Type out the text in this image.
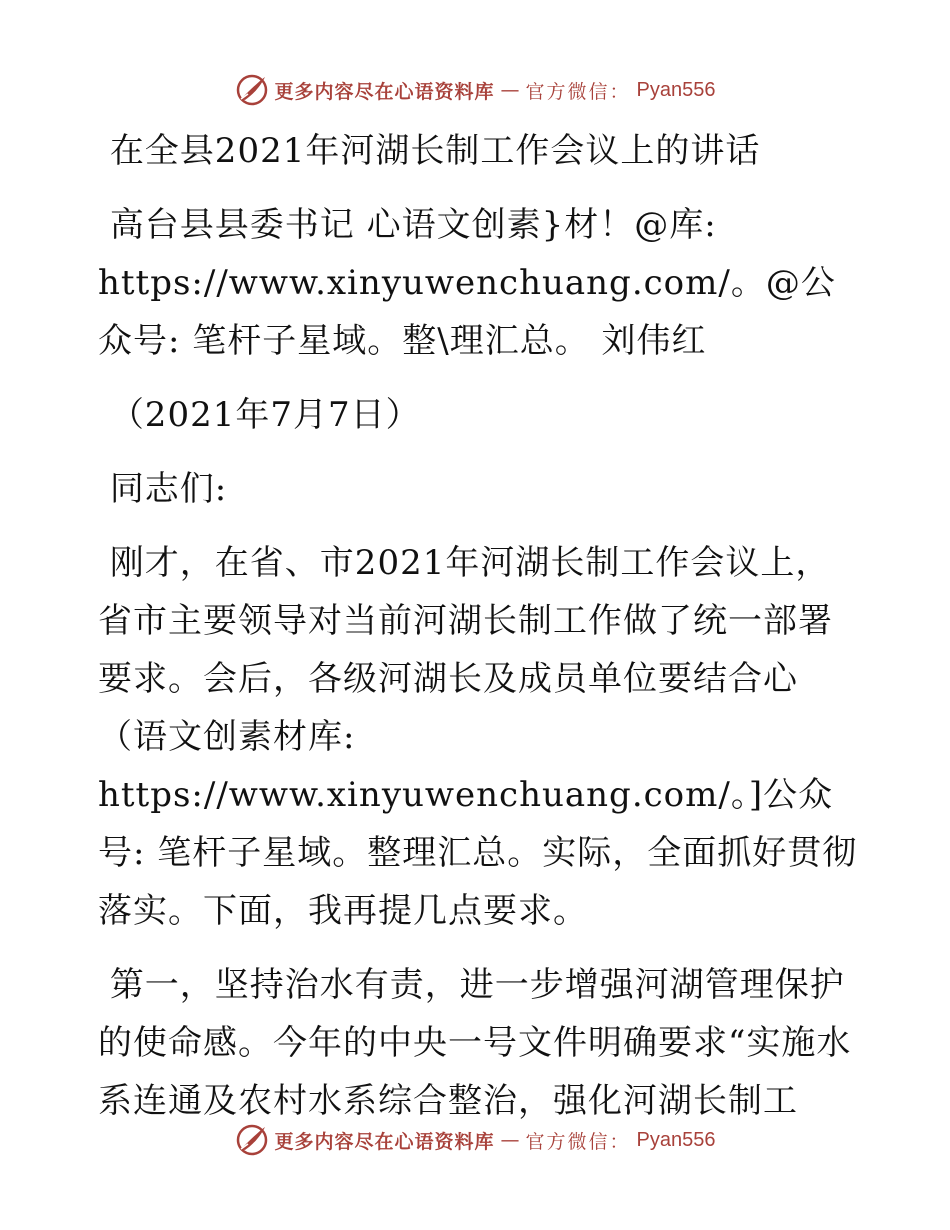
更多内容尽在心语资料库 — 官方微信： Pyan556

在全县2021年河湖长制工作会议上的讲话

高台县县委书记 心语文创素}材！@库: https://www.xinyuwenchuang.com/。@公众号: 笔杆子星域。整\理汇总。 刘伟红

（2021年7月7日）

同志们:

刚才，在省、市2021年河湖长制工作会议上，省市主要领导对当前河湖长制工作做了统一部署要求。会后，各级河湖长及成员单位要结合心（语文创素材库: https://www.xinyuwenchuang.com/。]公众号: 笔杆子星域。整理汇总。实际，全面抓好贯彻落实。下面，我再提几点要求。

第一，坚持治水有责，进一步增强河湖管理保护的使命感。今年的中央一号文件明确要求“实施水系连通及农村水系综合整治，强化河湖长制工

更多内容尽在心语资料库 — 官方微信： Pyan556
